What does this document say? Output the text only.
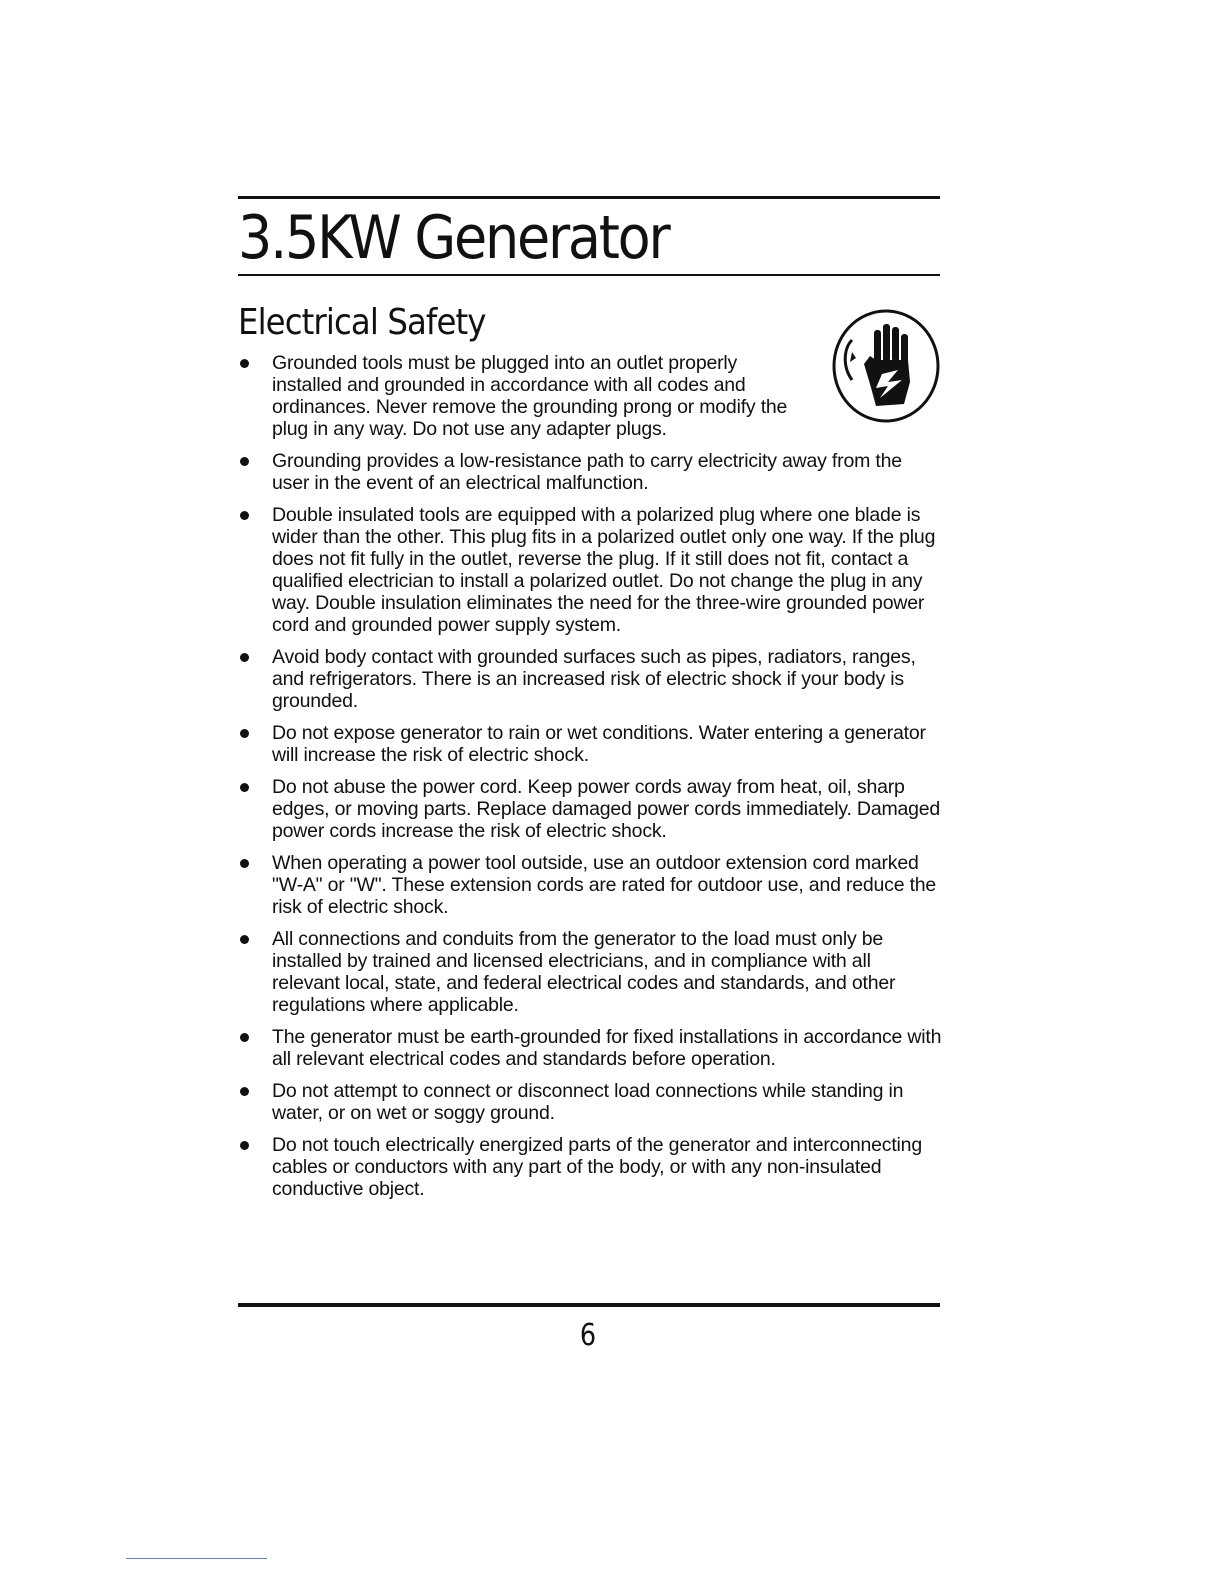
3.5KW Generator
Electrical Safety
Grounded tools must be plugged into an outlet properly installed and grounded in accordance with all codes and ordinances. Never remove the grounding prong or modify the plug in any way. Do not use any adapter plugs.
Grounding provides a low-resistance path to carry electricity away from the user in the event of an electrical malfunction.
Double insulated tools are equipped with a polarized plug where one blade is wider than the other. This plug fits in a polarized outlet only one way. If the plug does not fit fully in the outlet, reverse the plug. If it still does not fit, contact a qualified electrician to install a polarized outlet. Do not change the plug in any way. Double insulation eliminates the need for the three-wire grounded power cord and grounded power supply system.
Avoid body contact with grounded surfaces such as pipes, radiators, ranges, and refrigerators. There is an increased risk of electric shock if your body is grounded.
Do not expose generator to rain or wet conditions. Water entering a generator will increase the risk of electric shock.
Do not abuse the power cord. Keep power cords away from heat, oil, sharp edges, or moving parts. Replace damaged power cords immediately. Damaged power cords increase the risk of electric shock.
When operating a power tool outside, use an outdoor extension cord marked "W-A" or "W". These extension cords are rated for outdoor use, and reduce the risk of electric shock.
All connections and conduits from the generator to the load must only be installed by trained and licensed electricians, and in compliance with all relevant local, state, and federal electrical codes and standards, and other regulations where applicable.
The generator must be earth-grounded for fixed installations in accordance with all relevant electrical codes and standards before operation.
Do not attempt to connect or disconnect load connections while standing in water, or on wet or soggy ground.
Do not touch electrically energized parts of the generator and interconnecting cables or conductors with any part of the body, or with any non-insulated conductive object.
6
